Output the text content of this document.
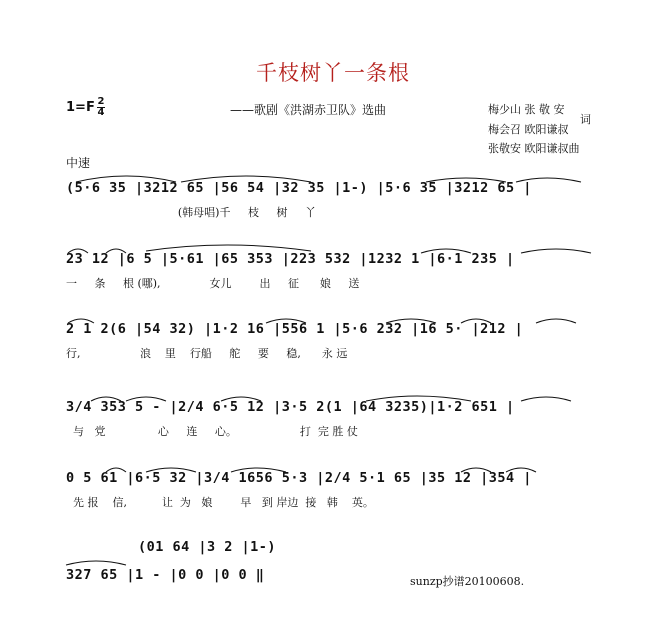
千枝树丫一条根
1=F 2
4	——歌剧《洪湖赤卫队》选曲	梅少山 张 敬 安
词
梅会召 欧阳谦叔
张敬安 欧阳谦叔曲
中速
(5·6 35 |3212 65 |56 54 |32 35 |1-) |5·6 35 |3212 65 |
(韩母唱)千     枝     树     丫
23 12 |6 5 |5·61 |65 353 |223 532 |1232 1 |6·1 235 |
一     条     根 (哪),              女儿        出     征      娘     送
2 1 2(6 |54 32) |1·2 16 |556 1 |5·6 232 |16 5· |212 |
行,                 浪    里    行船     舵     要     稳,      永 远
3/4 353 5 - |2/4 6·5 12 |3·5 2(1 |64 3235)|1·2 651 |
与   党               心     连     心。                  打  完 胜 仗
0 5 61 |6·5 32 |3/4 1656 5·3 |2/4 5·1 65 |35 12 |354 |
先 报    信,          让  为   娘        早   到 岸边  接   韩    英。
(01 64 |3 2 |1-)
327 65 |1 - |0 0 |0 0 ‖	sunzp抄谱20100608.
